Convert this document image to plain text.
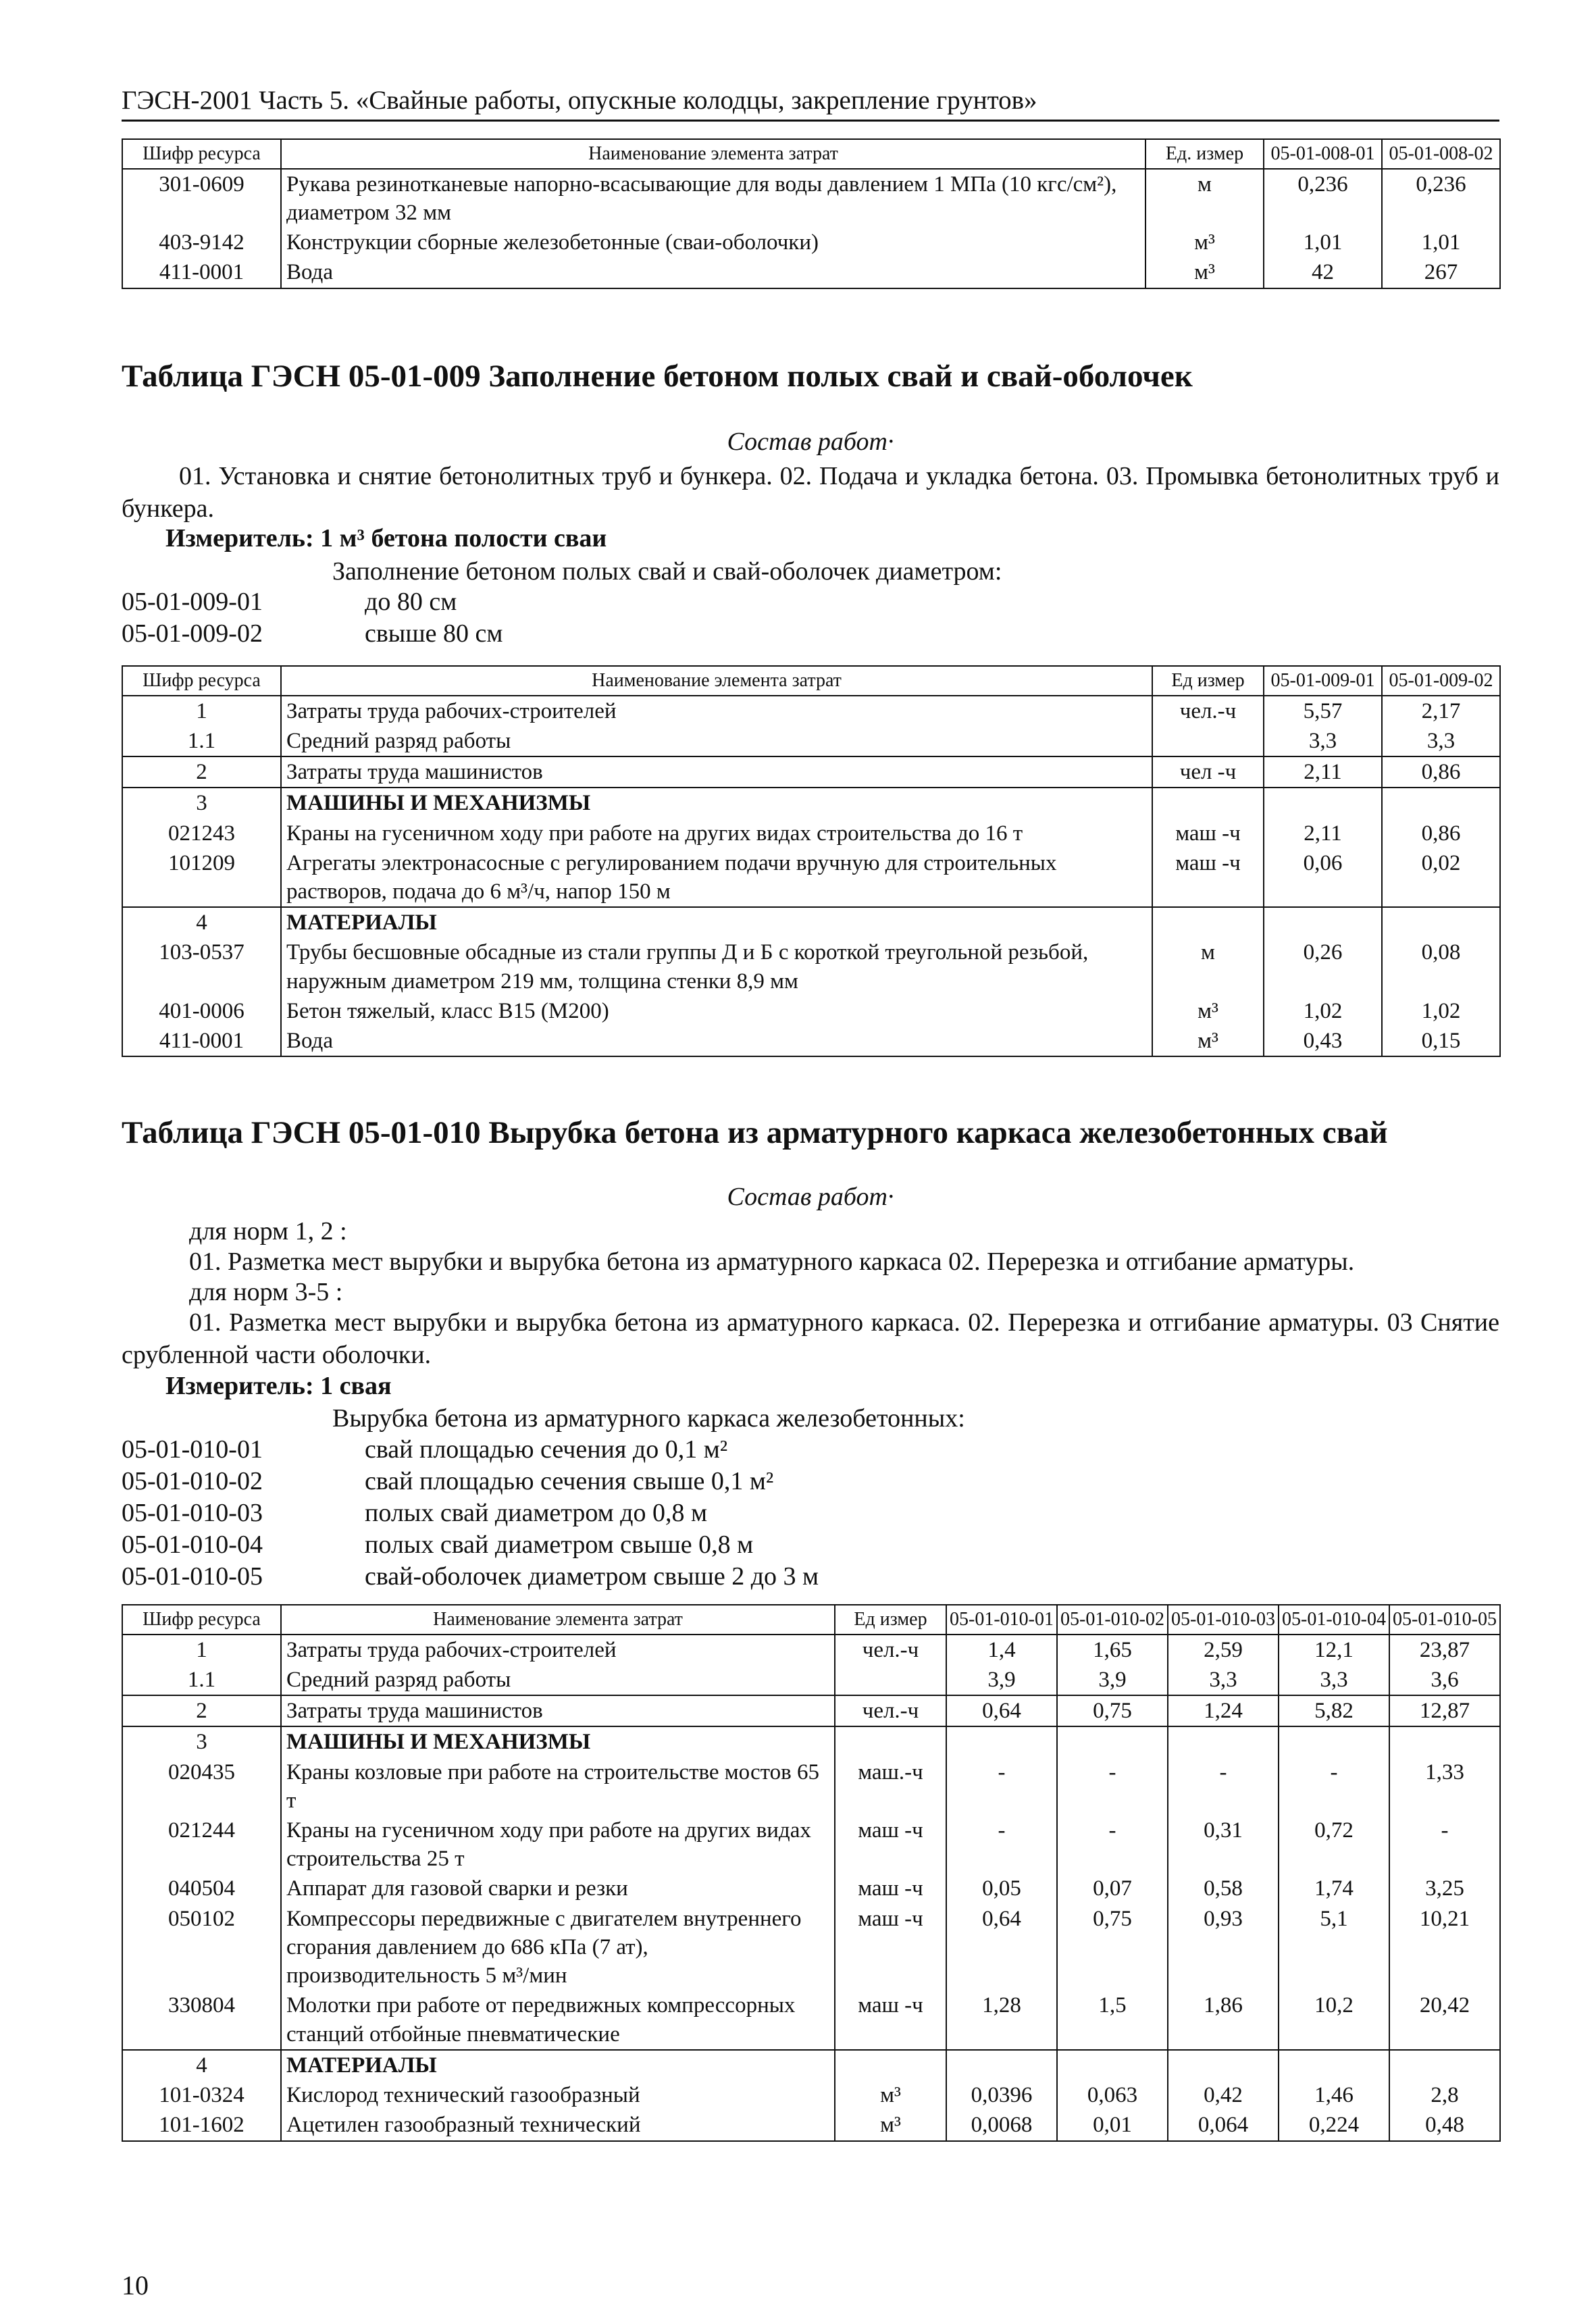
ГЭСН-2001 Часть 5. «Свайные работы, опускные колодцы, закрепление грунтов»
Шифр ресурса	Наименование элемента затрат	Ед. измер	05-01-008-01	05-01-008-02
301-0609	Рукава резинотканевые напорно-всасывающие для воды давлением 1 МПа (10 кгс/см²), диаметром 32 мм	м	0,236	0,236
403-9142	Конструкции сборные железобетонные (сваи-оболочки)	м³	1,01	1,01
411-0001	Вода	м³	42	267
Таблица ГЭСН 05-01-009 Заполнение бетоном полых свай и свай-оболочек
Состав работ·
01. Установка и снятие бетонолитных труб и бункера. 02. Подача и укладка бетона. 03. Промывка бетонолитных труб и бункера.
Измеритель: 1 м³ бетона полости сваи
Заполнение бетоном полых свай и свай-оболочек диаметром:
05-01-009-01	до 80 см
05-01-009-02	свыше 80 см
Шифр ресурса	Наименование элемента затрат	Ед измер	05-01-009-01	05-01-009-02
1	Затраты труда рабочих-строителей	чел.-ч	5,57	2,17
1.1	Средний разряд работы		3,3	3,3
2	Затраты труда машинистов	чел -ч	2,11	0,86
3	МАШИНЫ И МЕХАНИЗМЫ			
021243	Краны на гусеничном ходу при работе на других видах строительства до 16 т	маш -ч	2,11	0,86
101209	Агрегаты электронасосные с регулированием подачи вручную для строительных растворов, подача до 6 м³/ч, напор 150 м	маш -ч	0,06	0,02
4	МАТЕРИАЛЫ			
103-0537	Трубы бесшовные обсадные из стали группы Д и Б с короткой треугольной резьбой, наружным диаметром 219 мм, толщина стенки 8,9 мм	м	0,26	0,08
401-0006	Бетон тяжелый, класс В15 (М200)	м³	1,02	1,02
411-0001	Вода	м³	0,43	0,15
Таблица ГЭСН 05-01-010 Вырубка бетона из арматурного каркаса железобетонных свай
Состав работ·
для норм 1, 2 :
01. Разметка мест вырубки и вырубка бетона из арматурного каркаса 02. Перерезка и отгибание арматуры.
для норм 3-5 :
01. Разметка мест вырубки и вырубка бетона из арматурного каркаса. 02. Перерезка и отгибание арматуры. 03 Снятие срубленной части оболочки.
Измеритель: 1 свая
Вырубка бетона из арматурного каркаса железобетонных:
05-01-010-01	свай площадью сечения до 0,1 м²
05-01-010-02	свай площадью сечения свыше 0,1 м²
05-01-010-03	полых свай диаметром до 0,8 м
05-01-010-04	полых свай диаметром свыше 0,8 м
05-01-010-05	свай-оболочек диаметром свыше 2 до 3 м
Шифр ресурса	Наименование элемента затрат	Ед измер	05-01-010-01	05-01-010-02	05-01-010-03	05-01-010-04	05-01-010-05
1	Затраты труда рабочих-строителей	чел.-ч	1,4	1,65	2,59	12,1	23,87
1.1	Средний разряд работы		3,9	3,9	3,3	3,3	3,6
2	Затраты труда машинистов	чел.-ч	0,64	0,75	1,24	5,82	12,87
3	МАШИНЫ И МЕХАНИЗМЫ						
020435	Краны козловые при работе на строительстве мостов 65 т	маш.-ч	-	-	-	-	1,33
021244	Краны на гусеничном ходу при работе на других видах строительства 25 т	маш -ч	-	-	0,31	0,72	-
040504	Аппарат для газовой сварки и резки	маш -ч	0,05	0,07	0,58	1,74	3,25
050102	Компрессоры передвижные с двигателем внутреннего сгорания давлением до 686 кПа (7 ат), производительность 5 м³/мин	маш -ч	0,64	0,75	0,93	5,1	10,21
330804	Молотки при работе от передвижных компрессорных станций отбойные пневматические	маш -ч	1,28	1,5	1,86	10,2	20,42
4	МАТЕРИАЛЫ						
101-0324	Кислород технический газообразный	м³	0,0396	0,063	0,42	1,46	2,8
101-1602	Ацетилен газообразный технический	м³	0,0068	0,01	0,064	0,224	0,48
10
